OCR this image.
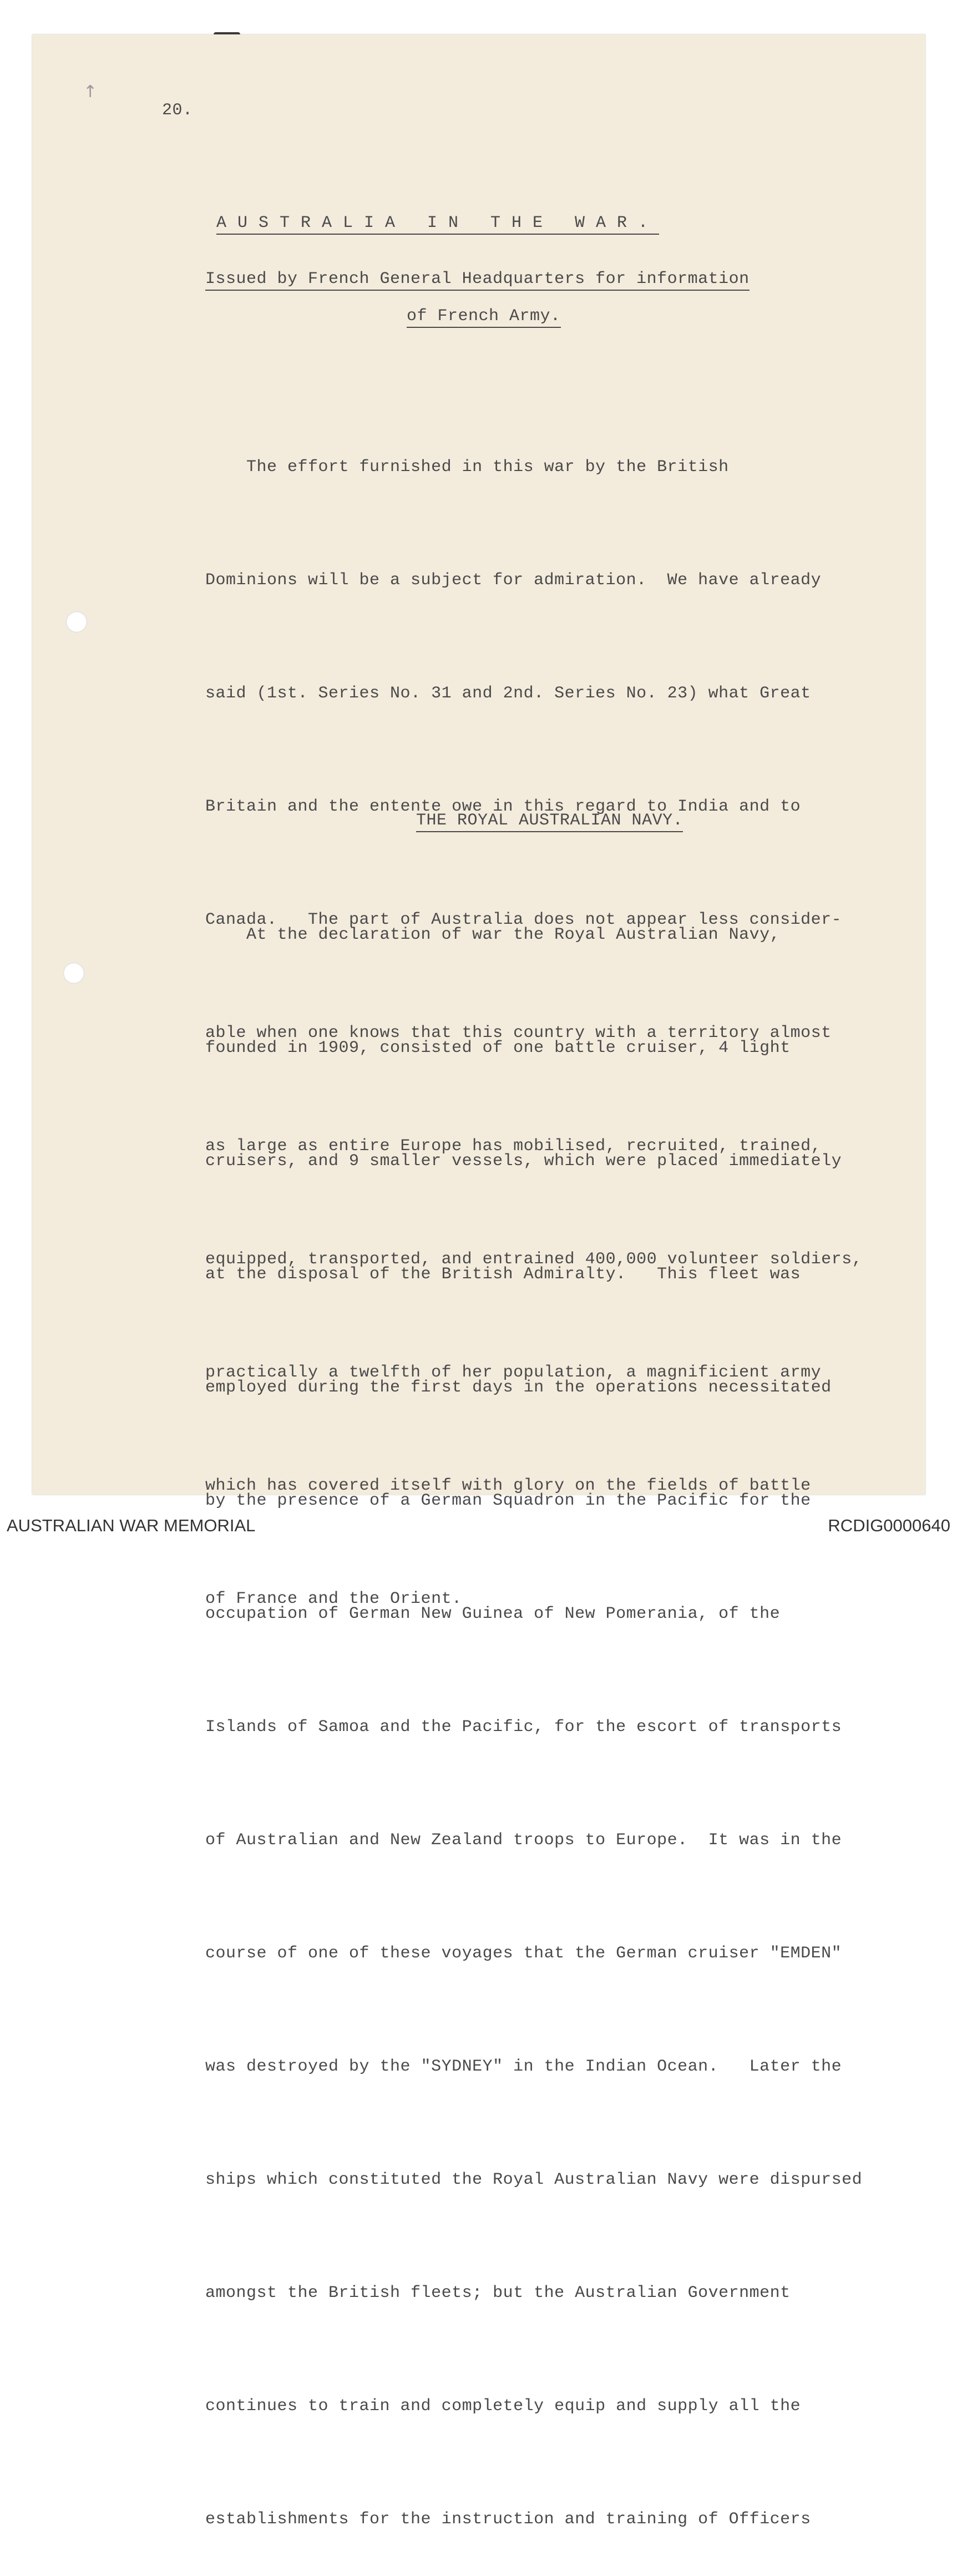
↑
20.
AUSTRALIA IN THE WAR.
Issued by French General Headquarters for information
of French Army.

The effort furnished in this war by the British

Dominions will be a subject for admiration.  We have already

said (1st. Series No. 31 and 2nd. Series No. 23) what Great

Britain and the entente owe in this regard to India and to

Canada.   The part of Australia does not appear less consider-

able when one knows that this country with a territory almost

as large as entire Europe has mobilised, recruited, trained,

equipped, transported, and entrained 400,000 volunteer soldiers,

practically a twelfth of her population, a magnificient army

which has covered itself with glory on the fields of battle

of France and the Orient.

THE ROYAL AUSTRALIAN NAVY.

At the declaration of war the Royal Australian Navy,

founded in 1909, consisted of one battle cruiser, 4 light

cruisers, and 9 smaller vessels, which were placed immediately

at the disposal of the British Admiralty.   This fleet was

employed during the first days in the operations necessitated

by the presence of a German Squadron in the Pacific for the

occupation of German New Guinea of New Pomerania, of the

Islands of Samoa and the Pacific, for the escort of transports

of Australian and New Zealand troops to Europe.  It was in the

course of one of these voyages that the German cruiser "EMDEN"

was destroyed by the "SYDNEY" in the Indian Ocean.   Later the

ships which constituted the Royal Australian Navy were dispursed

amongst the British fleets; but the Australian Government

continues to train and completely equip and supply all the

establishments for the instruction and training of Officers

AUSTRALIAN WAR MEMORIAL	RCDIG0000640
